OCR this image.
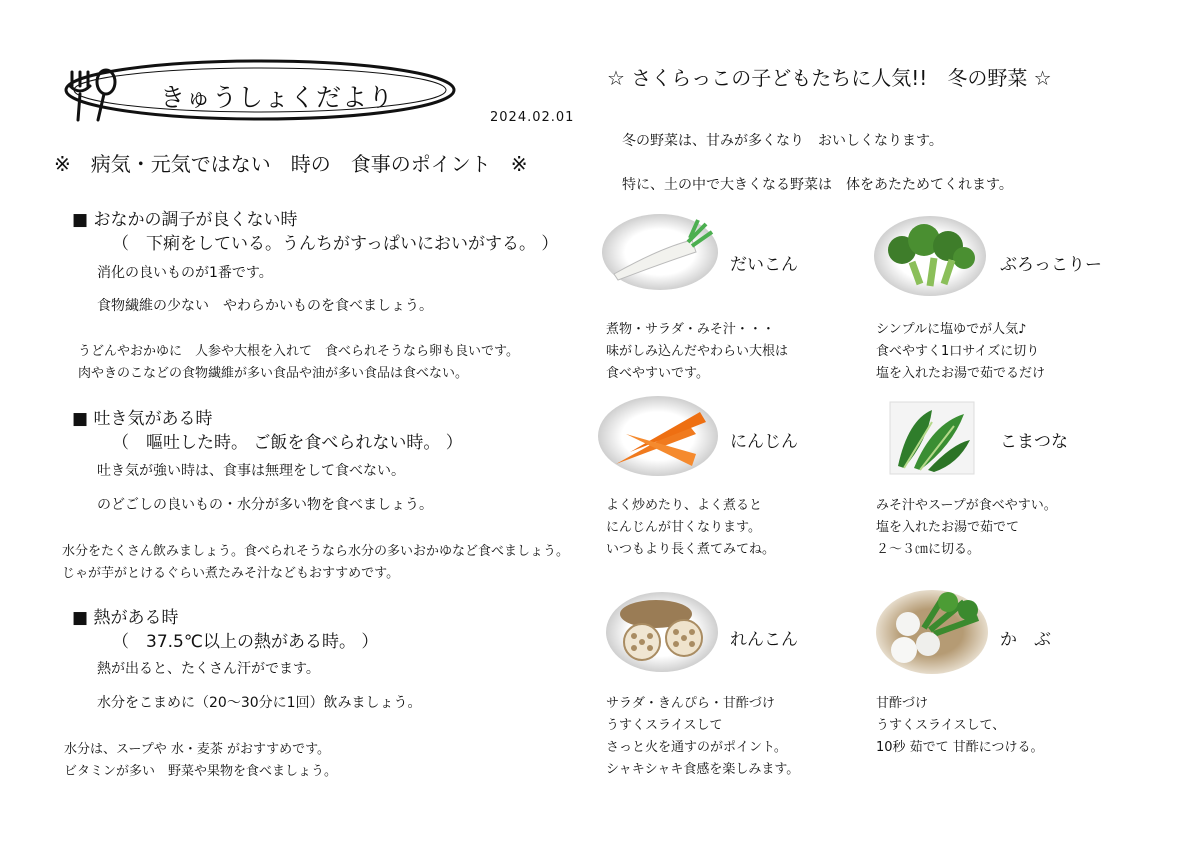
きゅうしょくだより
2024.02.01
※　病気・元気ではない　時の　食事のポイント　※
■ おなかの調子が良くない時
（　下痢をしている。うんちがすっぱいにおいがする。 ）
消化の良いものが1番です。
食物繊維の少ない　やわらかいものを食べましょう。
うどんやおかゆに　人参や大根を入れて　食べられそうなら卵も良いです。
肉やきのこなどの食物繊維が多い食品や油が多い食品は食べない。
■ 吐き気がある時
（　嘔吐した時。 ご飯を食べられない時。 ）
吐き気が強い時は、食事は無理をして食べない。
のどごしの良いもの・水分が多い物を食べましょう。
水分をたくさん飲みましょう。食べられそうなら水分の多いおかゆなど食べましょう。
じゃが芋がとけるぐらい煮たみそ汁などもおすすめです。
■ 熱がある時
（　37.5℃以上の熱がある時。 ）
熱が出ると、たくさん汗がでます。
水分をこまめに（20～30分に1回）飲みましょう。
水分は、スープや 水・麦茶 がおすすめです。
ビタミンが多い　野菜や果物を食べましょう。
☆ さくらっこの子どもたちに人気!!　冬の野菜 ☆
冬の野菜は、甘みが多くなり　おいしくなります。
特に、土の中で大きくなる野菜は　体をあたためてくれます。
だいこん
煮物・サラダ・みそ汁・・・
味がしみ込んだやわらい大根は
食べやすいです。
ぶろっこりー
シンプルに塩ゆでが人気♪
食べやすく1口サイズに切り
塩を入れたお湯で茹でるだけ
にんじん
よく炒めたり、よく煮ると
にんじんが甘くなります。
いつもより長く煮てみてね。
こまつな
みそ汁やスープが食べやすい。
塩を入れたお湯で茹でて
２～３㎝に切る。
れんこん
サラダ・きんぴら・甘酢づけ
うすくスライスして
さっと火を通すのがポイント。
シャキシャキ食感を楽しみます。
か　ぶ
甘酢づけ
うすくスライスして、
10秒 茹でて 甘酢につける。
